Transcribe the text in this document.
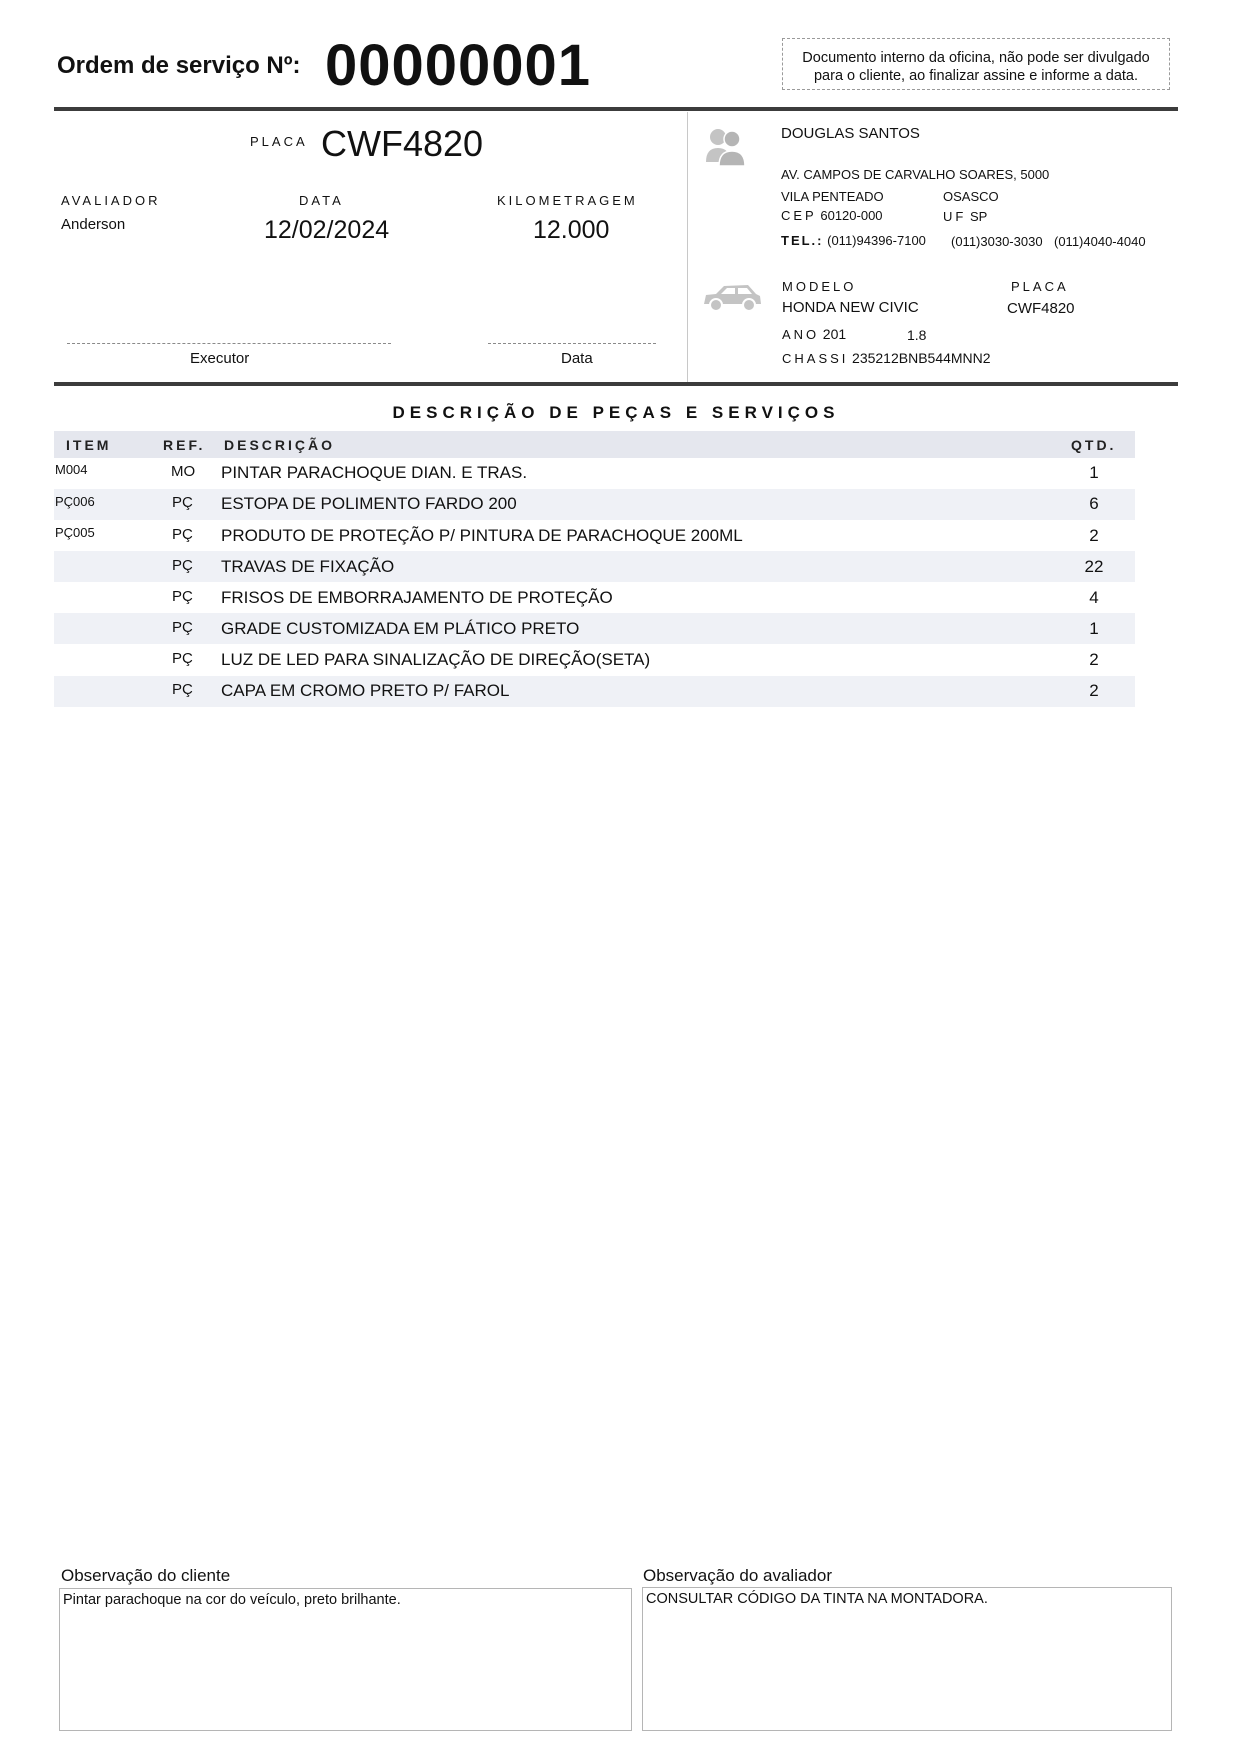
Ordem de serviço Nº: 00000001	Documento interno da oficina, não pode ser divulgado
para o cliente, ao finalizar assine e informe a data.
PLACA CWF4820
AVALIADOR
Anderson
DATA
12/02/2024
KILOMETRAGEM
12.000
Executor	Data
DOUGLAS SANTOS
AV. CAMPOS DE CARVALHO SOARES, 5000
VILA PENTEADO	OSASCO
CEP 60120-000	UF SP
TEL.: (011)94396-7100 (011)3030-3030 (011)4040-4040
MODELO
HONDA NEW CIVIC
PLACA
CWF4820
ANO 201	1.8
CHASSI 235212BNB544MNN2
DESCRIÇÃO DE PEÇAS E SERVIÇOS
ITEM	REF. DESCRIÇÃO	QTD.
M004	MO PINTAR PARACHOQUE DIAN. E TRAS.	1
PÇ006	PÇ ESTOPA DE POLIMENTO FARDO 200	6
PÇ005	PÇ PRODUTO DE PROTEÇÃO P/ PINTURA DE PARACHOQUE 200ML	2
PÇ TRAVAS DE FIXAÇÃO	22
PÇ FRISOS DE EMBORRAJAMENTO DE PROTEÇÃO	4
PÇ GRADE CUSTOMIZADA EM PLÁTICO PRETO	1
PÇ LUZ DE LED PARA SINALIZAÇÃO DE DIREÇÃO(SETA)	2
PÇ CAPA EM CROMO PRETO P/ FAROL	2
Observação do cliente
Pintar parachoque na cor do veículo, preto brilhante.
Observação do avaliador
CONSULTAR CÓDIGO DA TINTA NA MONTADORA.
